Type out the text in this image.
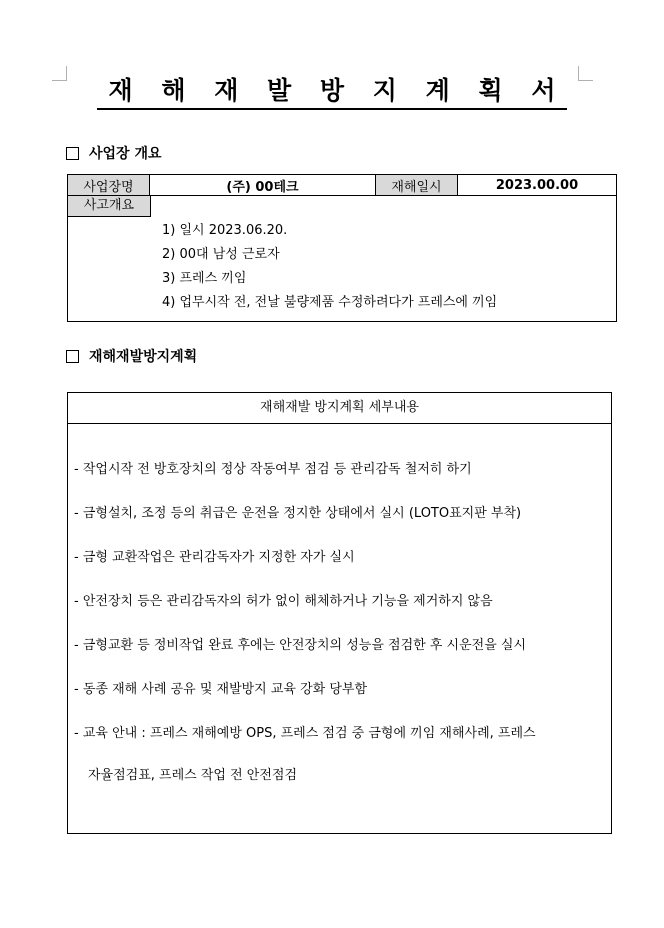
재 해 재 발 방 지 계 획 서
사업장 개요
사업장명	(주) 00테크	재해일시	2023.00.00
사고개요
1) 일시 2023.06.20.
2) 00대 남성 근로자
3) 프레스 끼임
4) 업무시작 전, 전날 불량제품 수정하려다가 프레스에 끼임
재해재발방지계획
재해재발 방지계획 세부내용
- 작업시작 전 방호장치의 정상 작동여부 점검 등 관리감독 철저히 하기
- 금형설치, 조정 등의 취급은 운전을 정지한 상태에서 실시 (LOTO표지판 부착)
- 금형 교환작업은 관리감독자가 지정한 자가 실시
- 안전장치 등은 관리감독자의 허가 없이 해체하거나 기능을 제거하지 않음
- 금형교환 등 정비작업 완료 후에는 안전장치의 성능을 점검한 후 시운전을 실시
- 동종 재해 사례 공유 및 재발방지 교육 강화 당부함
- 교육 안내 : 프레스 재해예방 OPS, 프레스 점검 중 금형에 끼임 재해사례, 프레스
자율점검표, 프레스 작업 전 안전점검
